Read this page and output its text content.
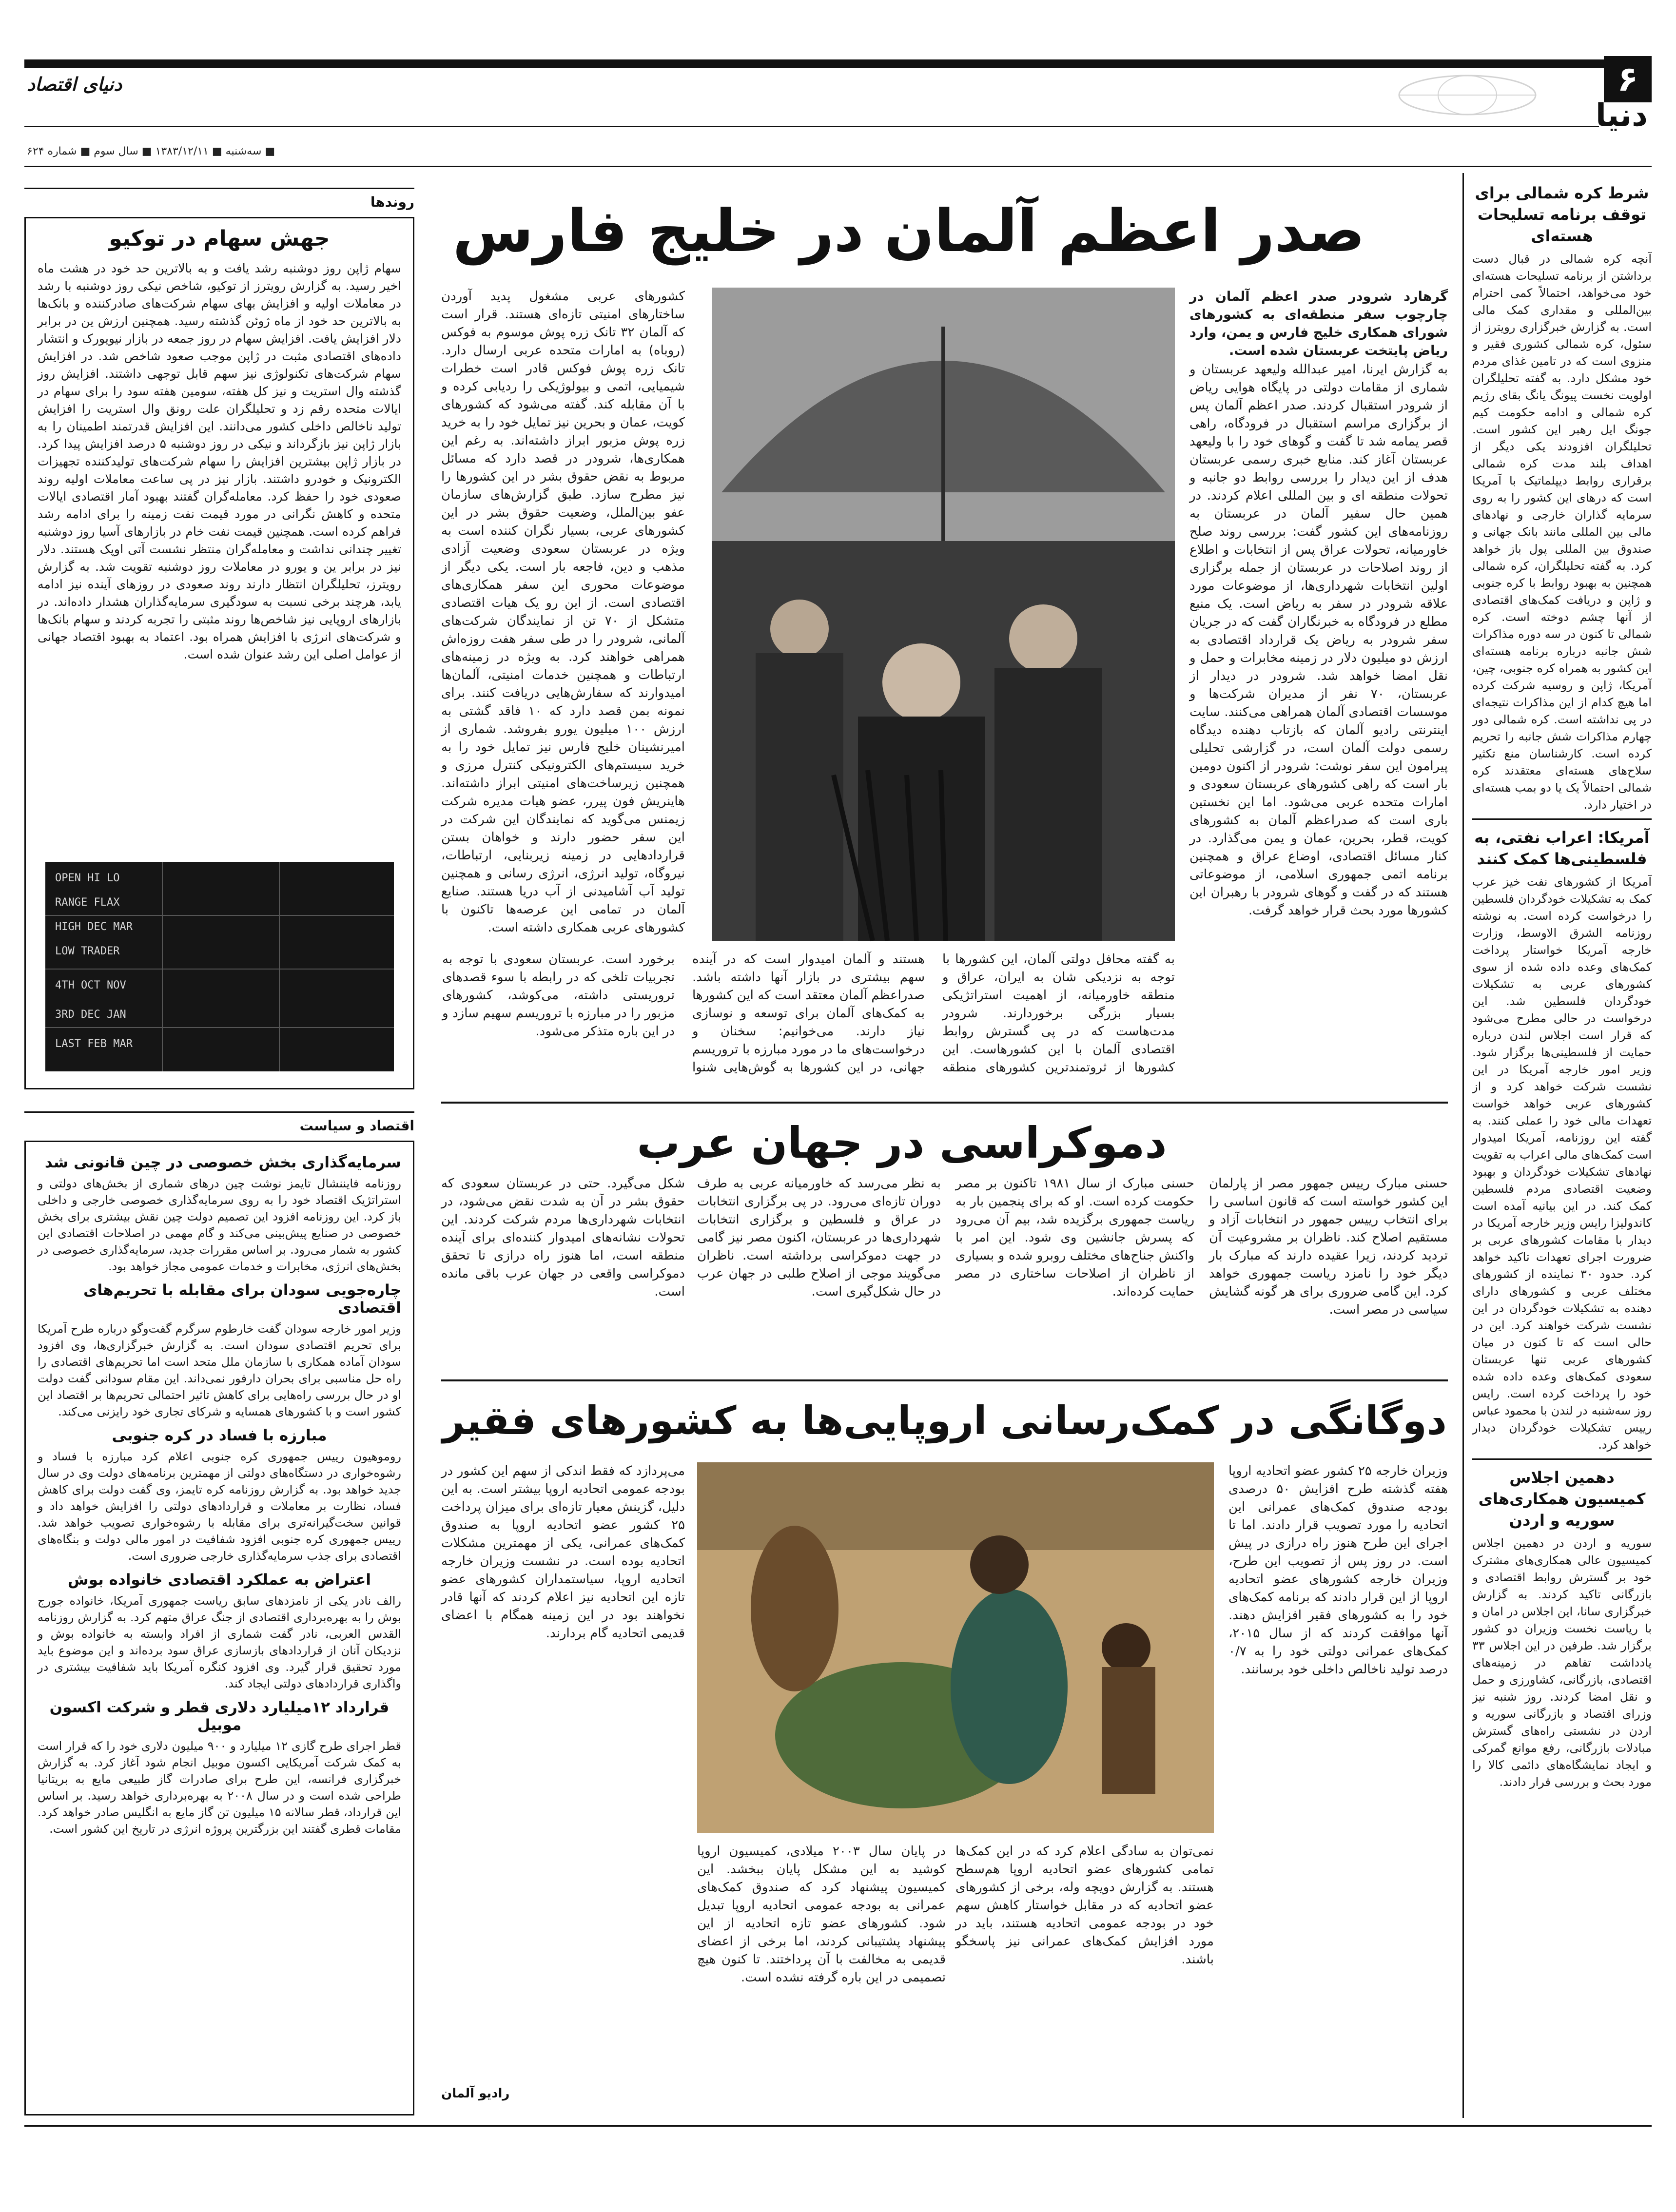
۶
دنیا
دنیای اقتصاد
■ سه‌شنبه ■ ۱۳۸۳/۱۲/۱۱ ■ سال سوم ■ شماره ۶۲۴
روندها
جهش سهام در توکیو
سهام ژاپن روز دوشنبه رشد یافت و به بالاترین حد خود در هشت ماه اخیر رسید. به گزارش رویترز از توکیو، شاخص نیکی روز دوشنبه با رشد در معاملات اولیه و افزایش بهای سهام شرکت‌های صادرکننده و بانک‌ها به بالاترین حد خود از ماه ژوئن گذشته رسید. همچنین ارزش ین در برابر دلار افزایش یافت. افزایش سهام در روز جمعه در بازار نیویورک و انتشار داده‌های اقتصادی مثبت در ژاپن موجب صعود شاخص شد. در افزایش سهام شرکت‌های تکنولوژی نیز سهم قابل توجهی داشتند. افزایش روز گذشته وال استریت و نیز کل هفته، سومین هفته سود را برای سهام در ایالات متحده رقم زد و تحلیلگران علت رونق وال استریت را افزایش تولید ناخالص داخلی کشور می‌دانند. این افزایش قدرتمند اطمینان را به بازار ژاپن نیز بازگرداند و نیکی در روز دوشنبه ۵ درصد افزایش پیدا کرد. در بازار ژاپن بیشترین افزایش را سهام شرکت‌های تولیدکننده تجهیزات الکترونیک و خودرو داشتند. بازار نیز در پی ساعت معاملات اولیه روند صعودی خود را حفظ کرد. معامله‌گران گفتند بهبود آمار اقتصادی ایالات متحده و کاهش نگرانی در مورد قیمت نفت زمینه را برای ادامه رشد فراهم کرده است. همچنین قیمت نفت خام در بازارهای آسیا روز دوشنبه تغییر چندانی نداشت و معامله‌گران منتظر نشست آتی اوپک هستند. دلار نیز در برابر ین و یورو در معاملات روز دوشنبه تقویت شد. به گزارش رویترز، تحلیلگران انتظار دارند روند صعودی در روزهای آینده نیز ادامه یابد، هرچند برخی نسبت به سودگیری سرمایه‌گذاران هشدار داده‌اند. در بازارهای اروپایی نیز شاخص‌ها روند مثبتی را تجربه کردند و سهام بانک‌ها و شرکت‌های انرژی با افزایش همراه بود. اعتماد به بهبود اقتصاد جهانی از عوامل اصلی این رشد عنوان شده است.
OPEN HI LO
RANGE FLAX
HIGH DEC MAR
LOW TRADER
4TH OCT NOV
3RD DEC JAN
LAST FEB MAR
اقتصاد و سیاست
سرمایه‌گذاری بخش خصوصی در چین قانونی شد
روزنامه فایننشال تایمز نوشت چین درهای شماری از بخش‌های دولتی و استراتژیک اقتصاد خود را به روی سرمایه‌گذاری خصوصی خارجی و داخلی باز کرد. این روزنامه افزود این تصمیم دولت چین نقش بیشتری برای بخش خصوصی در صنایع پیش‌بینی می‌کند و گام مهمی در اصلاحات اقتصادی این کشور به شمار می‌رود. بر اساس مقررات جدید، سرمایه‌گذاری خصوصی در بخش‌های انرژی، مخابرات و خدمات عمومی مجاز خواهد بود.
چاره‌جویی سودان برای مقابله با تحریم‌های اقتصادی
وزیر امور خارجه سودان گفت خارطوم سرگرم گفت‌وگو درباره طرح آمریکا برای تحریم اقتصادی سودان است. به گزارش خبرگزاری‌ها، وی افزود سودان آماده همکاری با سازمان ملل متحد است اما تحریم‌های اقتصادی را راه حل مناسبی برای بحران دارفور نمی‌داند. این مقام سودانی گفت دولت او در حال بررسی راه‌هایی برای کاهش تاثیر احتمالی تحریم‌ها بر اقتصاد این کشور است و با کشورهای همسایه و شرکای تجاری خود رایزنی می‌کند.
مبارزه با فساد در کره جنوبی
روموهیون رییس جمهوری کره جنوبی اعلام کرد مبارزه با فساد و رشوه‌خواری در دستگاه‌های دولتی از مهمترین برنامه‌های دولت وی در سال جدید خواهد بود. به گزارش روزنامه کره تایمز، وی گفت دولت برای کاهش فساد، نظارت بر معاملات و قراردادهای دولتی را افزایش خواهد داد و قوانین سخت‌گیرانه‌تری برای مقابله با رشوه‌خواری تصویب خواهد شد. رییس جمهوری کره جنوبی افزود شفافیت در امور مالی دولت و بنگاه‌های اقتصادی برای جذب سرمایه‌گذاری خارجی ضروری است.
اعتراض به عملکرد اقتصادی خانواده بوش
رالف نادر یکی از نامزدهای سابق ریاست جمهوری آمریکا، خانواده جورج بوش را به بهره‌برداری اقتصادی از جنگ عراق متهم کرد. به گزارش روزنامه القدس العربی، نادر گفت شماری از افراد وابسته به خانواده بوش و نزدیکان آنان از قراردادهای بازسازی عراق سود برده‌اند و این موضوع باید مورد تحقیق قرار گیرد. وی افزود کنگره آمریکا باید شفافیت بیشتری در واگذاری قراردادهای دولتی ایجاد کند.
قرارداد ۱۲میلیارد دلاری قطر و شرکت اکسون موبیل
قطر اجرای طرح گازی ۱۲ میلیارد و ۹۰۰ میلیون دلاری خود را که قرار است به کمک شرکت آمریکایی اکسون موبیل انجام شود آغاز کرد. به گزارش خبرگزاری فرانسه، این طرح برای صادرات گاز طبیعی مایع به بریتانیا طراحی شده است و در سال ۲۰۰۸ به بهره‌برداری خواهد رسید. بر اساس این قرارداد، قطر سالانه ۱۵ میلیون تن گاز مایع به انگلیس صادر خواهد کرد. مقامات قطری گفتند این بزرگترین پروژه انرژی در تاریخ این کشور است.
شرط کره شمالی برای توقف برنامه تسلیحات هسته‌ای
آنچه کره شمالی در قبال دست برداشتن از برنامه تسلیحات هسته‌ای خود می‌خواهد، احتمالاً کمی احترام بین‌المللی و مقداری کمک مالی است. به گزارش خبرگزاری رویترز از سئول، کره شمالی کشوری فقیر و منزوی است که در تامین غذای مردم خود مشکل دارد. به گفته تحلیلگران اولویت نخست پیونگ یانگ بقای رژیم کره شمالی و ادامه حکومت کیم جونگ ایل رهبر این کشور است. تحلیلگران افزودند یکی دیگر از اهداف بلند مدت کره شمالی برقراری روابط دیپلماتیک با آمریکا است که درهای این کشور را به روی سرمایه گذاران خارجی و نهادهای مالی بین المللی مانند بانک جهانی و صندوق بین المللی پول باز خواهد کرد. به گفته تحلیلگران، کره شمالی همچنین به بهبود روابط با کره جنوبی و ژاپن و دریافت کمک‌های اقتصادی از آنها چشم دوخته است. کره شمالی تا کنون در سه دوره مذاکرات شش جانبه درباره برنامه هسته‌ای این کشور به همراه کره جنوبی، چین، آمریکا، ژاپن و روسیه شرکت کرده اما هیچ کدام از این مذاکرات نتیجه‌ای در پی نداشته است. کره شمالی دور چهارم مذاکرات شش جانبه را تحریم کرده است. کارشناسان منع تکثیر سلاح‌های هسته‌ای معتقدند کره شمالی احتمالاً یک یا دو بمب هسته‌ای در اختیار دارد.
آمریکا: اعراب نفتی، به فلسطینی‌ها کمک کنند
آمریکا از کشورهای نفت خیز عرب کمک به تشکیلات خودگردان فلسطین را درخواست کرده است. به نوشته روزنامه الشرق الاوسط، وزارت خارجه آمریکا خواستار پرداخت کمک‌های وعده داده شده از سوی کشورهای عربی به تشکیلات خودگردان فلسطین شد. این درخواست در حالی مطرح می‌شود که قرار است اجلاس لندن درباره حمایت از فلسطینی‌ها برگزار شود. وزیر امور خارجه آمریکا در این نشست شرکت خواهد کرد و از کشورهای عربی خواهد خواست تعهدات مالی خود را عملی کنند. به گفته این روزنامه، آمریکا امیدوار است کمک‌های مالی اعراب به تقویت نهادهای تشکیلات خودگردان و بهبود وضعیت اقتصادی مردم فلسطین کمک کند. در این بیانیه آمده است کاندولیزا رایس وزیر خارجه آمریکا در دیدار با مقامات کشورهای عربی بر ضرورت اجرای تعهدات تاکید خواهد کرد. حدود ۳۰ نماینده از کشورهای مختلف عربی و کشورهای دارای دهنده به تشکیلات خودگردان در این نشست شرکت خواهند کرد. این در حالی است که تا کنون در میان کشورهای عربی تنها عربستان سعودی کمک‌های وعده داده شده خود را پرداخت کرده است. رایس روز سه‌شنبه در لندن با محمود عباس رییس تشکیلات خودگردان دیدار خواهد کرد.
دهمین اجلاس کمیسیون همکاری‌های سوریه و اردن
سوریه و اردن در دهمین اجلاس کمیسیون عالی همکاری‌های مشترک خود بر گسترش روابط اقتصادی و بازرگانی تاکید کردند. به گزارش خبرگزاری سانا، این اجلاس در امان و با ریاست نخست وزیران دو کشور برگزار شد. طرفین در این اجلاس ۳۳ یادداشت تفاهم در زمینه‌های اقتصادی، بازرگانی، کشاورزی و حمل و نقل امضا کردند. روز شنبه نیز وزرای اقتصاد و بازرگانی سوریه و اردن در نشستی راه‌های گسترش مبادلات بازرگانی، رفع موانع گمرکی و ایجاد نمایشگاه‌های دائمی کالا را مورد بحث و بررسی قرار دادند.
صدر اعظم آلمان در خلیج فارس
گرهارد شرودر صدر اعظم آلمان در چارچوب سفر منطقه‌ای به کشورهای شورای همکاری خلیج فارس و یمن، وارد ریاض پایتخت عربستان شده است.
به گزارش ایرنا، امیر عبدالله ولیعهد عربستان و شماری از مقامات دولتی در پایگاه هوایی ریاض از شرودر استقبال کردند. صدر اعظم آلمان پس از برگزاری مراسم استقبال در فرودگاه، راهی قصر یمامه شد تا گفت و گوهای خود را با ولیعهد عربستان آغاز کند. منابع خبری رسمی عربستان هدف از این دیدار را بررسی روابط دو جانبه و تحولات منطقه ای و بین المللی اعلام کردند. در همین حال سفیر آلمان در عربستان به روزنامه‌های این کشور گفت: بررسی روند صلح خاورمیانه، تحولات عراق پس از انتخابات و اطلاع از روند اصلاحات در عربستان از جمله برگزاری اولین انتخابات شهرداری‌ها، از موضوعات مورد علاقه شرودر در سفر به ریاض است. یک منبع مطلع در فرودگاه به خبرنگاران گفت که در جریان سفر شرودر به ریاض یک قرارداد اقتصادی به ارزش دو میلیون دلار در زمینه مخابرات و حمل و نقل امضا خواهد شد. شرودر در دیدار از عربستان، ۷۰ نفر از مدیران شرکت‌ها و موسسات اقتصادی آلمان همراهی می‌کنند. سایت اینترنتی رادیو آلمان که بازتاب دهنده دیدگاه رسمی دولت آلمان است، در گزارشی تحلیلی پیرامون این سفر نوشت: شرودر از اکنون دومین بار است که راهی کشورهای عربستان سعودی و امارات متحده عربی می‌شود. اما این نخستین باری است که صدراعظم آلمان به کشورهای کویت، قطر، بحرین، عمان و یمن می‌گذارد. در کنار مسائل اقتصادی، اوضاع عراق و همچنین برنامه اتمی جمهوری اسلامی، از موضوعاتی هستند که در گفت و گوهای شرودر با رهبران این کشورها مورد بحث قرار خواهد گرفت.
به گفته محافل دولتی آلمان، این کشورها با توجه به نزدیکی شان به ایران، عراق و منطقه خاورمیانه، از اهمیت استراتژیکی بسیار بزرگی برخوردارند. شرودر مدت‌هاست که در پی گسترش روابط اقتصادی آلمان با این کشورهاست. این کشورها از ثروتمندترین کشورهای منطقه هستند و آلمان امیدوار است که در آینده سهم بیشتری در بازار آنها داشته باشد. صدراعظم آلمان معتقد است که این کشورها به کمک‌های آلمان برای توسعه و نوسازی نیاز دارند. می‌خوانیم: سخنان و درخواست‌های ما در مورد مبارزه با تروریسم جهانی، در این کشورها به گوش‌هایی شنوا برخورد است. عربستان سعودی با توجه به تجربیات تلخی که در رابطه با سوء قصدهای تروریستی داشته، می‌کوشد، کشورهای مزبور را در مبارزه با تروریسم سهیم سازد و در این باره متذکر می‌شود.
کشورهای عربی مشغول پدید آوردن ساختارهای امنیتی تازه‌ای هستند. قرار است که آلمان ۳۲ تانک زره پوش موسوم به فوکس (روباه) به امارات متحده عربی ارسال دارد. تانک زره پوش فوکس قادر است خطرات شیمیایی، اتمی و بیولوژیکی را ردیابی کرده و با آن مقابله کند. گفته می‌شود که کشورهای کویت، عمان و بحرین نیز تمایل خود را به خرید زره پوش مزبور ابراز داشته‌اند. به رغم این همکاری‌ها، شرودر در قصد دارد که مسائل مربوط به نقض حقوق بشر در این کشورها را نیز مطرح سازد. طبق گزارش‌های سازمان عفو بین‌الملل، وضعیت حقوق بشر در این کشورهای عربی، بسیار نگران کننده است به ویژه در عربستان سعودی وضعیت آزادی مذهب و دین، فاجعه بار است. یکی دیگر از موضوعات محوری این سفر همکاری‌های اقتصادی است. از این رو یک هیات اقتصادی متشکل از ۷۰ تن از نمایندگان شرکت‌های آلمانی، شرودر را در طی سفر هفت روزه‌اش همراهی خواهند کرد. به ویژه در زمینه‌های ارتباطات و همچنین خدمات امنیتی، آلمان‌ها امیدوارند که سفارش‌هایی دریافت کنند. برای نمونه بمن قصد دارد که ۱۰ فاقد گشتی به ارزش ۱۰۰ میلیون یورو بفروشد. شماری از امیرنشینان خلیج فارس نیز تمایل خود را به خرید سیستم‌های الکترونیکی کنترل مرزی و همچنین زیرساخت‌های امنیتی ابراز داشته‌اند. هاینریش فون پیرر، عضو هیات مدیره شرکت زیمنس می‌گوید که نمایندگان این شرکت در این سفر حضور دارند و خواهان بستن قراردادهایی در زمینه زیربنایی، ارتباطات، نیروگاه، تولید انرژی، انرژی رسانی و همچنین تولید آب آشامیدنی از آب دریا هستند. صنایع آلمان در تمامی این عرصه‌ها تاکنون با کشورهای عربی همکاری داشته است.
دموکراسی در جهان عرب
حسنی مبارک رییس جمهور مصر از پارلمان این کشور خواسته است که قانون اساسی را برای انتخاب رییس جمهور در انتخابات آزاد و مستقیم اصلاح کند. ناظران بر مشروعیت آن تردید کردند، زیرا عقیده دارند که مبارک بار دیگر خود را نامزد ریاست جمهوری خواهد کرد. این گامی ضروری برای هر گونه گشایش سیاسی در مصر است.
حسنی مبارک از سال ۱۹۸۱ تاکنون بر مصر حکومت کرده است. او که برای پنجمین بار به ریاست جمهوری برگزیده شد، بیم آن می‌رود که پسرش جانشین وی شود. این امر با واکنش جناح‌های مختلف روبرو شده و بسیاری از ناظران از اصلاحات ساختاری در مصر حمایت کرده‌اند.
به نظر می‌رسد که خاورمیانه عربی به طرف دوران تازه‌ای می‌رود. در پی برگزاری انتخابات در عراق و فلسطین و برگزاری انتخابات شهرداری‌ها در عربستان، اکنون مصر نیز گامی در جهت دموکراسی برداشته است. ناظران می‌گویند موجی از اصلاح طلبی در جهان عرب در حال شکل‌گیری است.
شکل می‌گیرد. حتی در عربستان سعودی که حقوق بشر در آن به شدت نقض می‌شود، در انتخابات شهرداری‌ها مردم شرکت کردند. این تحولات نشانه‌های امیدوار کننده‌ای برای آینده منطقه است، اما هنوز راه درازی تا تحقق دموکراسی واقعی در جهان عرب باقی مانده است.
دوگانگی در کمک‌رسانی اروپایی‌ها به کشورهای فقیر
وزیران خارجه ۲۵ کشور عضو اتحادیه اروپا هفته گذشته طرح افزایش ۵۰ درصدی بودجه صندوق کمک‌های عمرانی این اتحادیه را مورد تصویب قرار دادند. اما تا اجرای این طرح هنوز راه درازی در پیش است. در روز پس از تصویب این طرح، وزیران خارجه کشورهای عضو اتحادیه اروپا از این قرار دادند که برنامه کمک‌های خود را به کشورهای فقیر افزایش دهند. آنها موافقت کردند که از سال ۲۰۱۵، کمک‌های عمرانی دولتی خود را به ۰/۷ درصد تولید ناخالص داخلی خود برسانند.
می‌پردازد که فقط اندکی از سهم این کشور در بودجه عمومی اتحادیه اروپا بیشتر است. به این دلیل، گزینش معیار تازه‌ای برای میزان پرداخت ۲۵ کشور عضو اتحادیه اروپا به صندوق کمک‌های عمرانی، یکی از مهمترین مشکلات اتحادیه بوده است. در نشست وزیران خارجه اتحادیه اروپا، سیاستمداران کشورهای عضو تازه این اتحادیه نیز اعلام کردند که آنها قادر نخواهند بود در این زمینه همگام با اعضای قدیمی اتحادیه گام بردارند.
نمی‌توان به سادگی اعلام کرد که در این کمک‌ها تمامی کشورهای عضو اتحادیه اروپا هم‌سطح هستند. به گزارش دویچه وله، برخی از کشورهای عضو اتحادیه که در مقابل خواستار کاهش سهم خود در بودجه عمومی اتحادیه هستند، باید در مورد افزایش کمک‌های عمرانی نیز پاسخگو باشند.
در پایان سال ۲۰۰۳ میلادی، کمیسیون اروپا کوشید به این مشکل پایان ببخشد. این کمیسیون پیشنهاد کرد که صندوق کمک‌های عمرانی به بودجه عمومی اتحادیه اروپا تبدیل شود. کشورهای عضو تازه اتحادیه از این پیشنهاد پشتیبانی کردند، اما برخی از اعضای قدیمی به مخالفت با آن پرداختند. تا کنون هیچ تصمیمی در این باره گرفته نشده است.
رادیو آلمان
